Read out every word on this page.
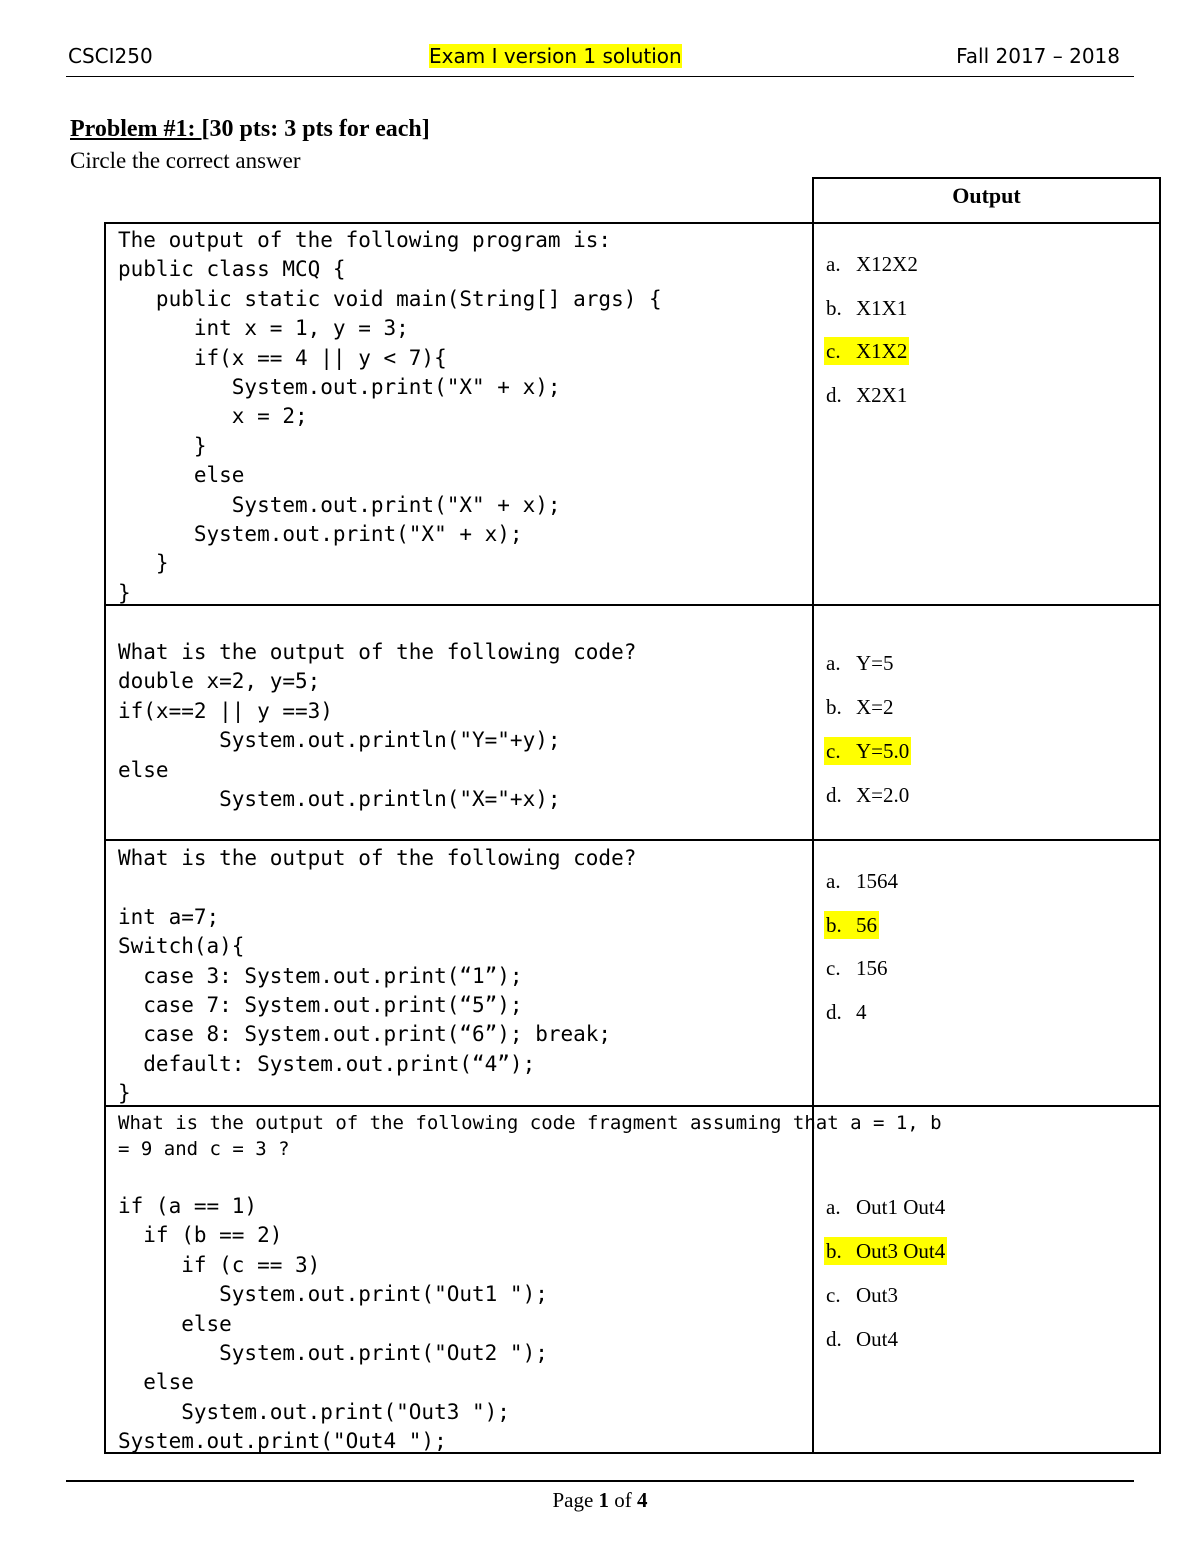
CSCI250	Exam I version 1 solution	Fall 2017 – 2018
Problem #1: [30 pts: 3 pts for each]
Circle the correct answer
Output
The output of the following program is:
public class MCQ {
public static void main(String[] args) {
int x = 1, y = 3;
if(x == 4 || y < 7){
System.out.print("X" + x);
x = 2;
}
else
System.out.print("X" + x);
System.out.print("X" + x);
}
}
a. X12X2
b. X1X1
c. X1X2
d. X2X1
What is the output of the following code?
double x=2, y=5;
if(x==2 || y ==3)
System.out.println("Y="+y);
else
System.out.println("X="+x);
a. Y=5
b. X=2
c. Y=5.0
d. X=2.0
What is the output of the following code?

int a=7;
Switch(a){
case 3: System.out.print(“1”);
case 7: System.out.print(“5”);
case 8: System.out.print(“6”); break;
default: System.out.print(“4”);
}
a. 1564
b. 56
c. 156
d. 4
What is the output of the following code fragment assuming that a = 1, b
= 9 and c = 3 ?
if (a == 1)
if (b == 2)
if (c == 3)
System.out.print("Out1 ");
else
System.out.print("Out2 ");
else
System.out.print("Out3 ");
System.out.print("Out4 ");
a. Out1 Out4
b. Out3 Out4
c. Out3
d. Out4
Page 1 of 4
